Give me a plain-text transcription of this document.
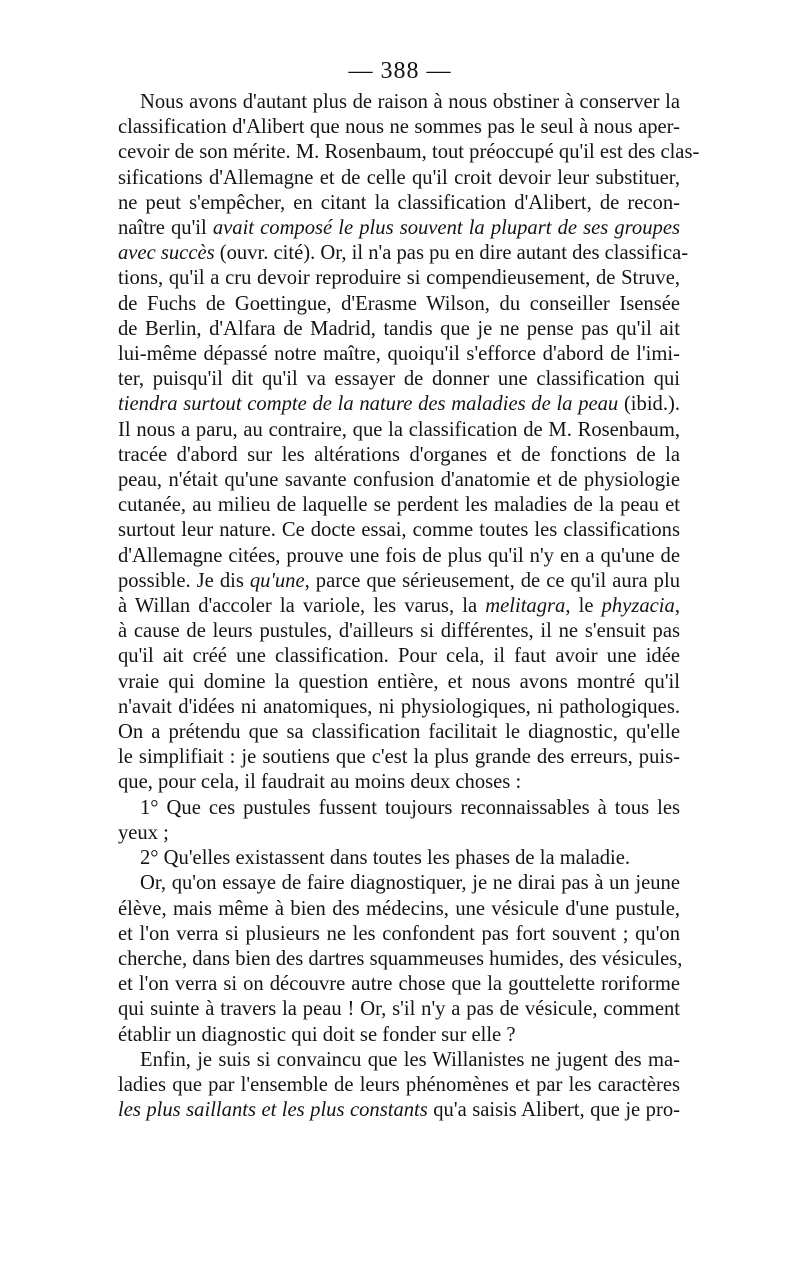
— 388 —
Nous avons d'autant plus de raison à nous obstiner à conserver la
classification d'Alibert que nous ne sommes pas le seul à nous aper-
cevoir de son mérite. M. Rosenbaum, tout préoccupé qu'il est des clas-
sifications d'Allemagne et de celle qu'il croit devoir leur substituer,
ne peut s'empêcher, en citant la classification d'Alibert, de recon-
naître qu'il avait composé le plus souvent la plupart de ses groupes
avec succès (ouvr. cité). Or, il n'a pas pu en dire autant des classifica-
tions, qu'il a cru devoir reproduire si compendieusement, de Struve,
de Fuchs de Goettingue, d'Erasme Wilson, du conseiller Isensée
de Berlin, d'Alfara de Madrid, tandis que je ne pense pas qu'il ait
lui-même dépassé notre maître, quoiqu'il s'efforce d'abord de l'imi-
ter, puisqu'il dit qu'il va essayer de donner une classification qui
tiendra surtout compte de la nature des maladies de la peau (ibid.).
Il nous a paru, au contraire, que la classification de M. Rosenbaum,
tracée d'abord sur les altérations d'organes et de fonctions de la
peau, n'était qu'une savante confusion d'anatomie et de physiologie
cutanée, au milieu de laquelle se perdent les maladies de la peau et
surtout leur nature. Ce docte essai, comme toutes les classifications
d'Allemagne citées, prouve une fois de plus qu'il n'y en a qu'une de
possible. Je dis qu'une, parce que sérieusement, de ce qu'il aura plu
à Willan d'accoler la variole, les varus, la melitagra, le phyzacia,
à cause de leurs pustules, d'ailleurs si différentes, il ne s'ensuit pas
qu'il ait créé une classification. Pour cela, il faut avoir une idée
vraie qui domine la question entière, et nous avons montré qu'il
n'avait d'idées ni anatomiques, ni physiologiques, ni pathologiques.
On a prétendu que sa classification facilitait le diagnostic, qu'elle
le simplifiait : je soutiens que c'est la plus grande des erreurs, puis-
que, pour cela, il faudrait au moins deux choses :
1° Que ces pustules fussent toujours reconnaissables à tous les
yeux ;
2° Qu'elles existassent dans toutes les phases de la maladie.
Or, qu'on essaye de faire diagnostiquer, je ne dirai pas à un jeune
élève, mais même à bien des médecins, une vésicule d'une pustule,
et l'on verra si plusieurs ne les confondent pas fort souvent ; qu'on
cherche, dans bien des dartres squammeuses humides, des vésicules,
et l'on verra si on découvre autre chose que la gouttelette roriforme
qui suinte à travers la peau ! Or, s'il n'y a pas de vésicule, comment
établir un diagnostic qui doit se fonder sur elle ?
Enfin, je suis si convaincu que les Willanistes ne jugent des ma-
ladies que par l'ensemble de leurs phénomènes et par les caractères
les plus saillants et les plus constants qu'a saisis Alibert, que je pro-
